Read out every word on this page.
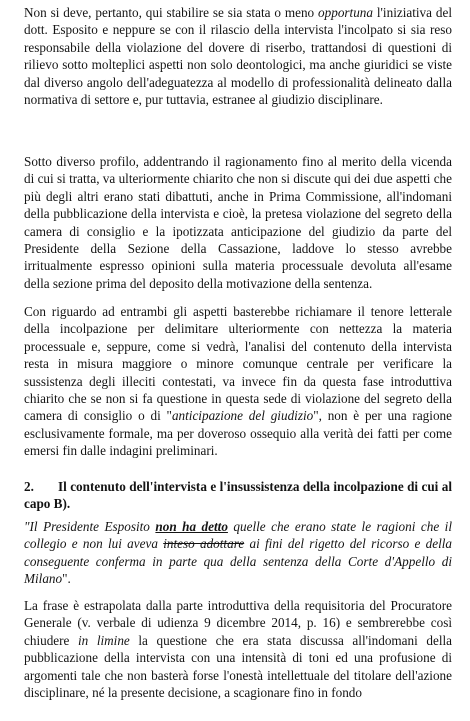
Non si deve, pertanto, qui stabilire se sia stata o meno opportuna l'iniziativa del dott. Esposito e neppure se con il rilascio della intervista l'incolpato si sia reso responsabile della violazione del dovere di riserbo, trattandosi di questioni di rilievo sotto molteplici aspetti non solo deontologici, ma anche giuridici se viste dal diverso angolo dell'adeguatezza al modello di professionalità delineato dalla normativa di settore e, pur tuttavia, estranee al giudizio disciplinare.

Sotto diverso profilo, addentrando il ragionamento fino al merito della vicenda di cui si tratta, va ulteriormente chiarito che non si discute qui dei due aspetti che più degli altri erano stati dibattuti, anche in Prima Commissione, all'indomani della pubblicazione della intervista e cioè, la pretesa violazione del segreto della camera di consiglio e la ipotizzata anticipazione del giudizio da parte del Presidente della Sezione della Cassazione, laddove lo stesso avrebbe irritualmente espresso opinioni sulla materia processuale devoluta all'esame della sezione prima del deposito della motivazione della sentenza.

Con riguardo ad entrambi gli aspetti basterebbe richiamare il tenore letterale della incolpazione per delimitare ulteriormente con nettezza la materia processuale e, seppure, come si vedrà, l'analisi del contenuto della intervista resta in misura maggiore o minore comunque centrale per verificare la sussistenza degli illeciti contestati, va invece fin da questa fase introduttiva chiarito che se non si fa questione in questa sede di violazione del segreto della camera di consiglio o di "anticipazione del giudizio", non è per una ragione esclusivamente formale, ma per doveroso ossequio alla verità dei fatti per come emersi fin dalle indagini preliminari.

2. Il contenuto dell'intervista e l'insussistenza della incolpazione di cui al capo B).

"Il Presidente Esposito non ha detto quelle che erano state le ragioni che il collegio e non lui aveva inteso adottare ai fini del rigetto del ricorso e della conseguente conferma in parte qua della sentenza della Corte d'Appello di Milano".

La frase è estrapolata dalla parte introduttiva della requisitoria del Procuratore Generale (v. verbale di udienza 9 dicembre 2014, p. 16) e sembrerebbe così chiudere in limine la questione che era stata discussa all'indomani della pubblicazione della intervista con una intensità di toni ed una profusione di argomenti tale che non basterà forse l'onestà intellettuale del titolare dell'azione disciplinare, né la presente decisione, a scagionare fino in fondo
